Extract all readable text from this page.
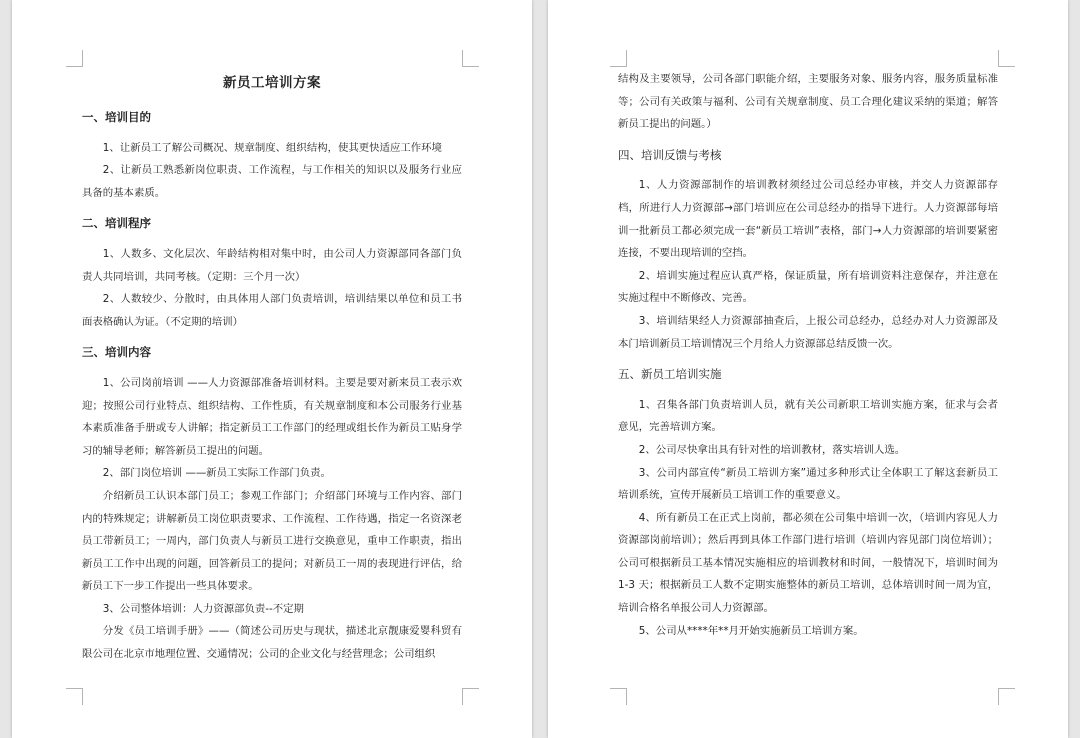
新员工培训方案
一、培训目的

1、让新员工了解公司概况、规章制度、组织结构，使其更快适应工作环境

2、让新员工熟悉新岗位职责、工作流程，与工作相关的知识以及服务行业应具备的基本素质。

二、培训程序

1、人数多、文化层次、年龄结构相对集中时，由公司人力资源部同各部门负责人共同培训，共同考核。（定期：三个月一次）

2、人数较少、分散时，由具体用人部门负责培训，培训结果以单位和员工书面表格确认为证。（不定期的培训）

三、培训内容

1、公司岗前培训 ——人力资源部准备培训材料。主要是要对新来员工表示欢迎；按照公司行业特点、组织结构、工作性质，有关规章制度和本公司服务行业基本素质准备手册或专人讲解；指定新员工工作部门的经理或组长作为新员工贴身学习的辅导老师；解答新员工提出的问题。

2、部门岗位培训 ——新员工实际工作部门负责。

介绍新员工认识本部门员工；参观工作部门；介绍部门环境与工作内容、部门内的特殊规定；讲解新员工岗位职责要求、工作流程、工作待遇，指定一名资深老员工带新员工；一周内，部门负责人与新员工进行交换意见，重申工作职责，指出新员工工作中出现的问题，回答新员工的提问；对新员工一周的表现进行评估，给新员工下一步工作提出一些具体要求。

3、公司整体培训：人力资源部负责--不定期

分发《员工培训手册》——（简述公司历史与现状，描述北京靓康爱婴科贸有限公司在北京市地理位置、交通情况；公司的企业文化与经营理念；公司组织

结构及主要领导，公司各部门职能介绍，主要服务对象、服务内容，服务质量标准等；公司有关政策与福利、公司有关规章制度、员工合理化建议采纳的渠道；解答新员工提出的问题。）

四、培训反馈与考核

1、人力资源部制作的培训教材须经过公司总经办审核，并交人力资源部存档，所进行人力资源部→部门培训应在公司总经办的指导下进行。人力资源部每培训一批新员工都必须完成一套“新员工培训”表格，部门→人力资源部的培训要紧密连接，不要出现培训的空挡。

2、培训实施过程应认真严格，保证质量，所有培训资料注意保存，并注意在实施过程中不断修改、完善。

3、培训结果经人力资源部抽查后，上报公司总经办，总经办对人力资源部及本门培训新员工培训情况三个月给人力资源部总结反馈一次。

五、新员工培训实施

1、召集各部门负责培训人员，就有关公司新职工培训实施方案，征求与会者意见，完善培训方案。

2、公司尽快拿出具有针对性的培训教材，落实培训人选。

3、公司内部宣传“新员工培训方案”通过多种形式让全体职工了解这套新员工培训系统，宣传开展新员工培训工作的重要意义。

4、所有新员工在正式上岗前，都必须在公司集中培训一次，（培训内容见人力资源部岗前培训）；然后再到具体工作部门进行培训（培训内容见部门岗位培训）；公司可根据新员工基本情况实施相应的培训教材和时间，一般情况下，培训时间为 1-3 天；根据新员工人数不定期实施整体的新员工培训，总体培训时间一周为宜，培训合格名单报公司人力资源部。

5、公司从****年**月开始实施新员工培训方案。
